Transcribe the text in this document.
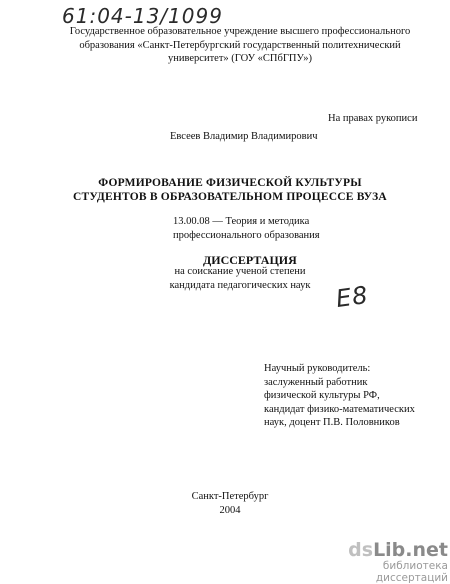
61:04-13/1099
Государственное образовательное учреждение высшего профессионального
образования «Санкт-Петербургский государственный политехнический
университет» (ГОУ «СПбГПУ»)
На правах рукописи
Евсеев Владимир Владимирович
ФОРМИРОВАНИЕ ФИЗИЧЕСКОЙ КУЛЬТУРЫ
СТУДЕНТОВ В ОБРАЗОВАТЕЛЬНОМ ПРОЦЕССЕ ВУЗА
13.00.08 — Теория и методика
профессионального образования
ДИССЕРТАЦИЯ
на соискание ученой степени
кандидата педагогических наук Е8
Научный руководитель:
заслуженный работник
физической культуры РФ,
кандидат физико-математических
наук, доцент П.В. Половников
Санкт-Петербург
2004
dsLib.net
библиотека диссертаций
